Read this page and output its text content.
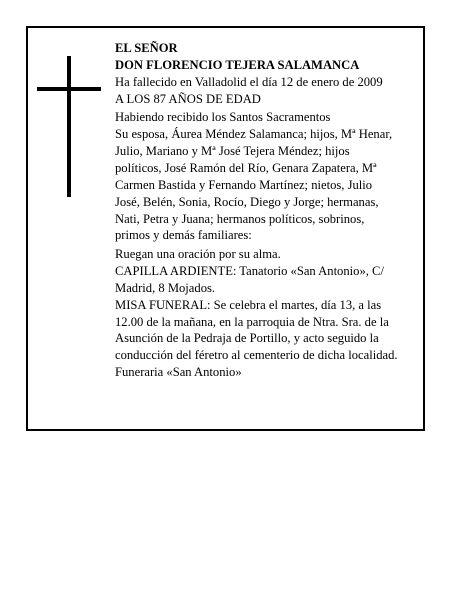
EL SEÑOR

DON FLORENCIO TEJERA SALAMANCA

Ha fallecido en Valladolid el día 12 de enero de 2009

A LOS 87 AÑOS DE EDAD

Habiendo recibido los Santos Sacramentos

Su esposa, Áurea Méndez Salamanca; hijos, Mª Henar,

Julio, Mariano y Mª José Tejera Méndez; hijos

políticos, José Ramón del Río, Genara Zapatera, Mª

Carmen Bastida y Fernando Martínez; nietos, Julio

José, Belén, Sonia, Rocío, Diego y Jorge; hermanas,

Nati, Petra y Juana; hermanos políticos, sobrinos,

primos y demás familiares:

Ruegan una oración por su alma.

CAPILLA ARDIENTE: Tanatorio «San Antonio», C/

Madrid, 8 Mojados.

MISA FUNERAL: Se celebra el martes, día 13, a las

12.00 de la mañana, en la parroquia de Ntra. Sra. de la

Asunción de la Pedraja de Portillo, y acto seguido la

conducción del féretro al cementerio de dicha localidad.

Funeraria «San Antonio»
